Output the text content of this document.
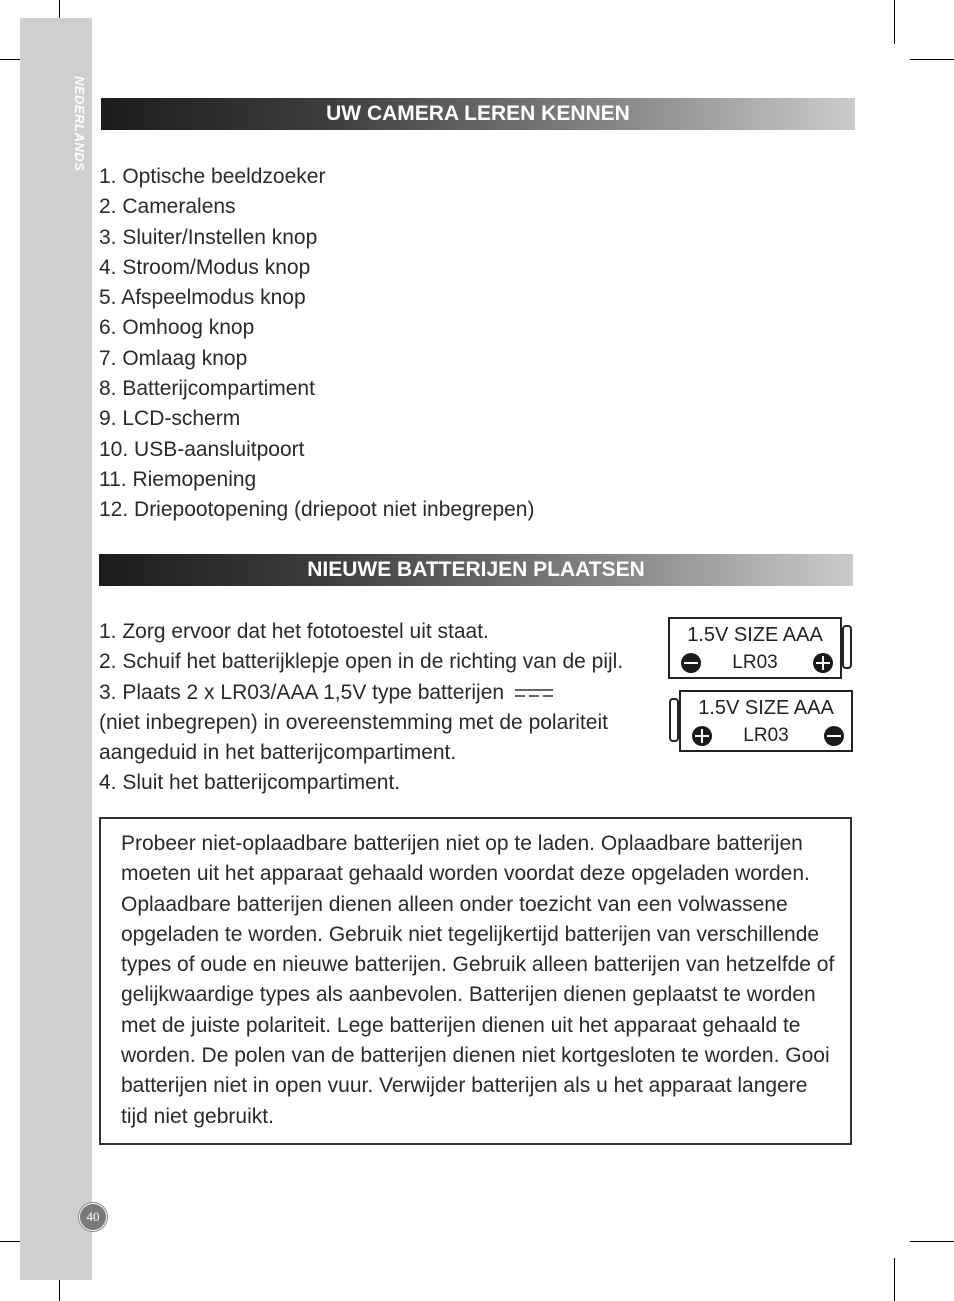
NEDERLANDS
40
UW CAMERA LEREN KENNEN
1. Optische beeldzoeker
2. Cameralens
3. Sluiter/Instellen knop
4. Stroom/Modus knop
5. Afspeelmodus knop
6. Omhoog knop
7. Omlaag knop
8. Batterijcompartiment
9. LCD-scherm
10. USB-aansluitpoort
11. Riemopening
12. Driepootopening (driepoot niet inbegrepen)
NIEUWE BATTERIJEN PLAATSEN
1. Zorg ervoor dat het fototoestel uit staat.
2. Schuif het batterijklepje open in de richting van de pijl.
3. Plaats 2 x LR03/AAA 1,5V type batterijen
(niet inbegrepen) in overeenstemming met de polariteit
aangeduid in het batterijcompartiment.
4. Sluit het batterijcompartiment.
1.5V SIZE AAA
LR03
1.5V SIZE AAA
LR03
Probeer niet-oplaadbare batterijen niet op te laden. Oplaadbare batterijen moeten uit het apparaat gehaald worden voordat deze opgeladen worden. Oplaadbare batterijen dienen alleen onder toezicht van een volwassene opgeladen te worden. Gebruik niet tegelijkertijd batterijen van verschillende types of oude en nieuwe batterijen. Gebruik alleen batterijen van hetzelfde of gelijkwaardige types als aanbevolen. Batterijen dienen geplaatst te worden met de juiste polariteit. Lege batterijen dienen uit het apparaat gehaald te worden. De polen van de batterijen dienen niet kortgesloten te worden. Gooi batterijen niet in open vuur. Verwijder batterijen als u het apparaat langere tijd niet gebruikt.
